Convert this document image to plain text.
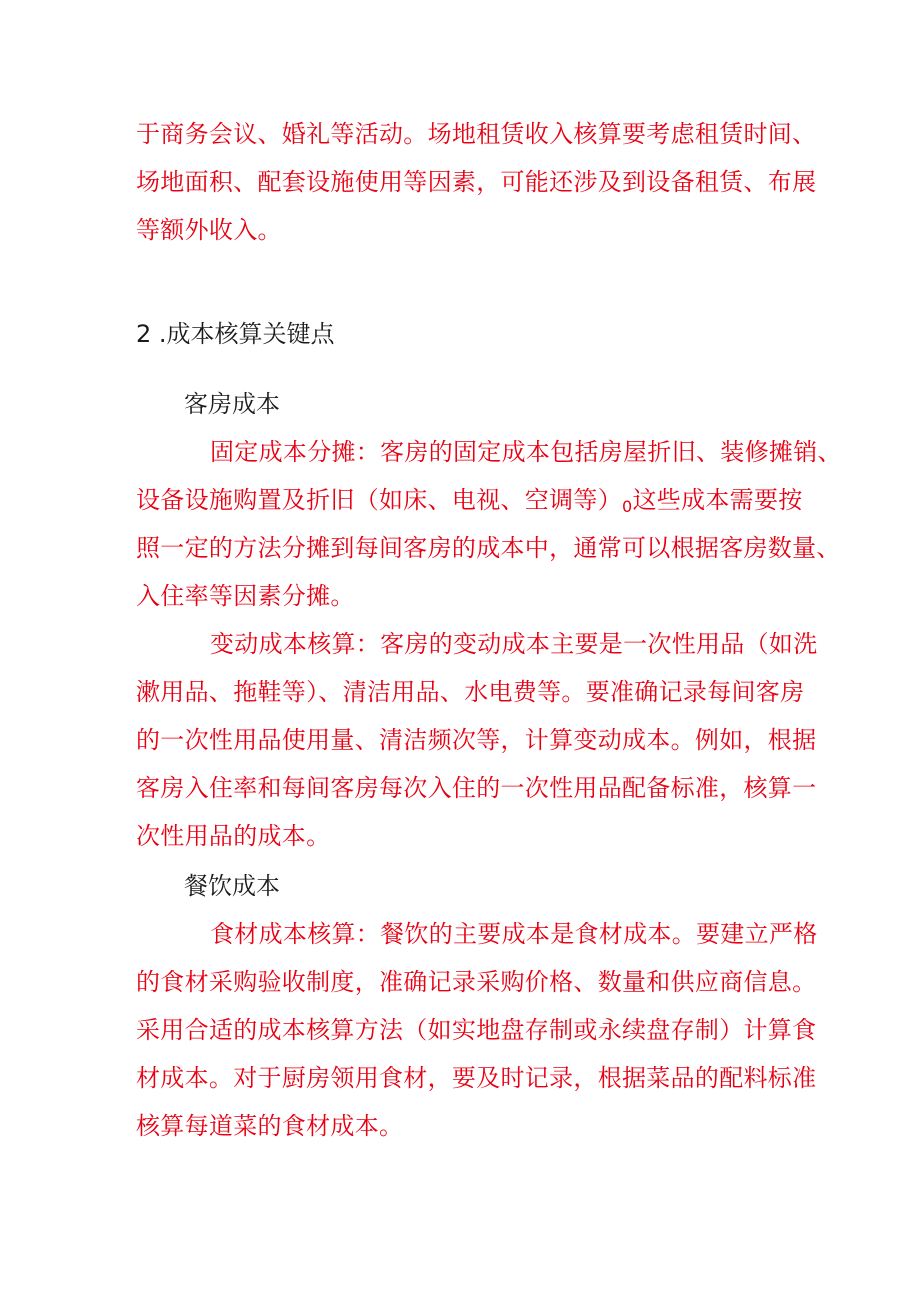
于商务会议、婚礼等活动。场地租赁收入核算要考虑租赁时间、
场地面积、配套设施使用等因素，可能还涉及到设备租赁、布展
等额外收入。
2 .成本核算关键点
客房成本
固定成本分摊：客房的固定成本包括房屋折旧、装修摊销、
设备设施购置及折旧（如床、电视、空调等）$_0$这些成本需要按
照一定的方法分摊到每间客房的成本中，通常可以根据客房数量、
入住率等因素分摊。
变动成本核算：客房的变动成本主要是一次性用品（如洗
漱用品、拖鞋等）、清洁用品、水电费等。要准确记录每间客房
的一次性用品使用量、清洁频次等，计算变动成本。例如，根据
客房入住率和每间客房每次入住的一次性用品配备标准，核算一
次性用品的成本。
餐饮成本
食材成本核算：餐饮的主要成本是食材成本。要建立严格
的食材采购验收制度，准确记录采购价格、数量和供应商信息。
采用合适的成本核算方法（如实地盘存制或永续盘存制）计算食
材成本。对于厨房领用食材，要及时记录，根据菜品的配料标准
核算每道菜的食材成本。
